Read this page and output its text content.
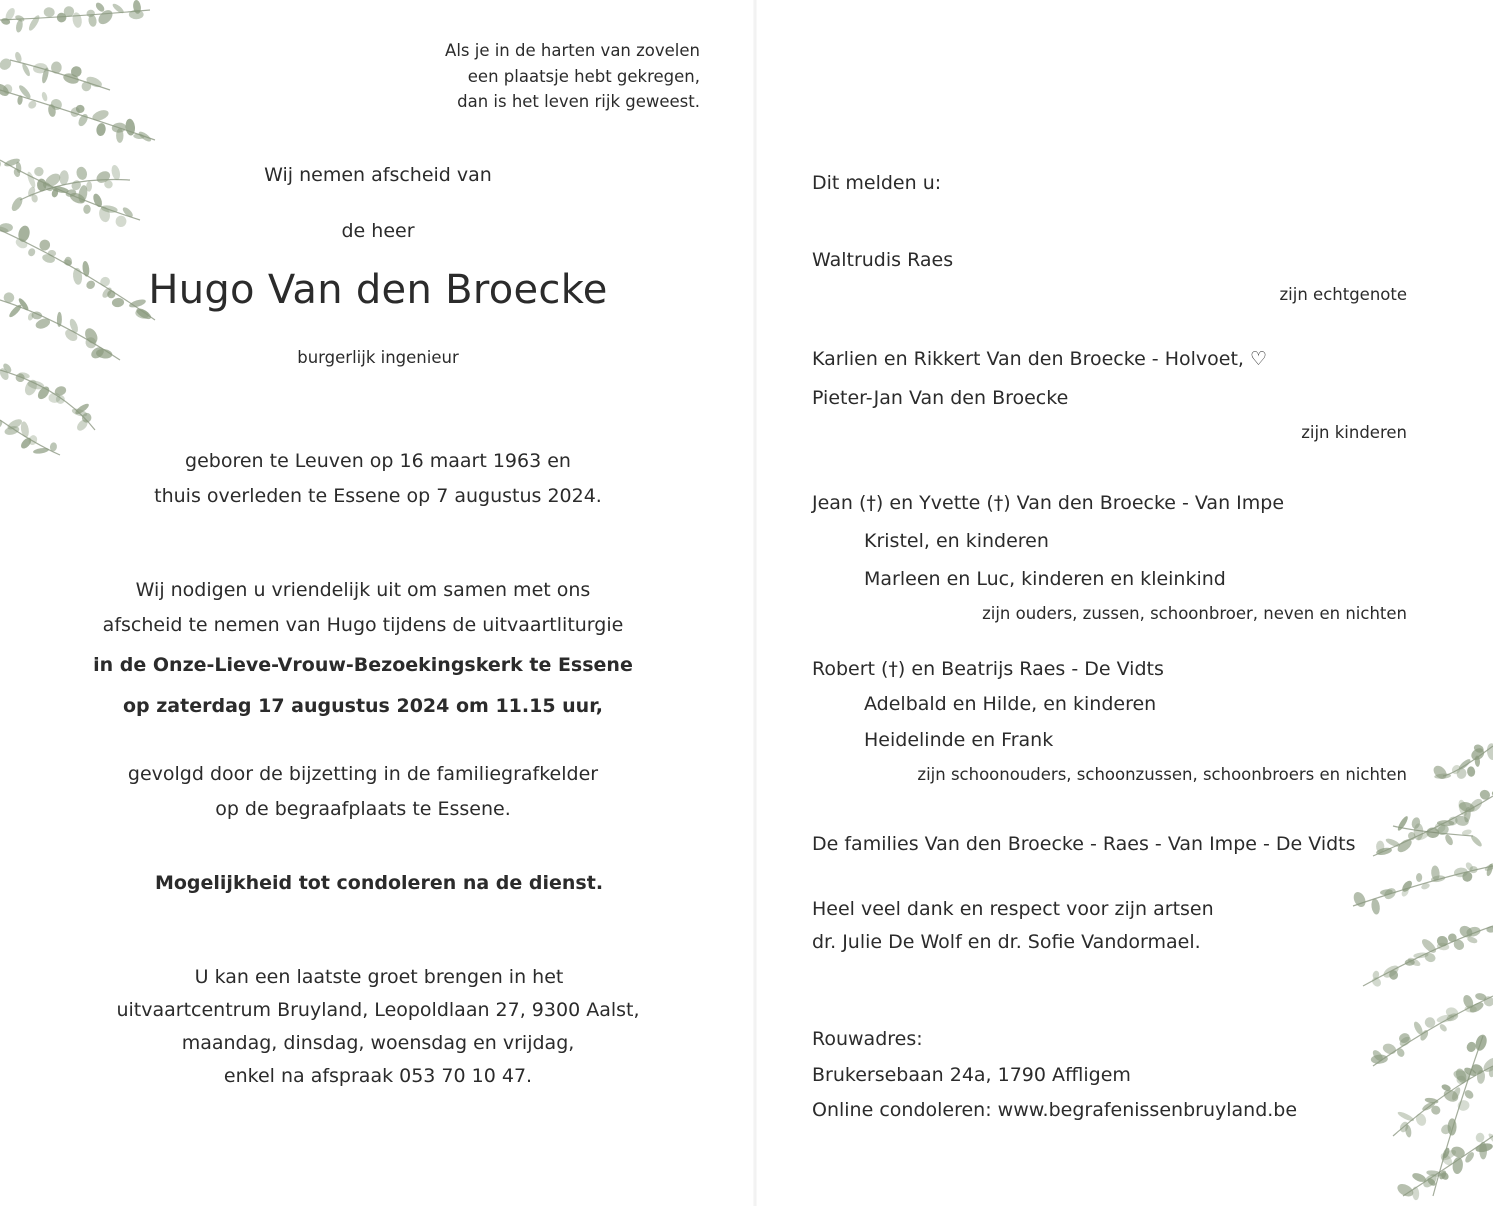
Als je in de harten van zovelen
een plaatsje hebt gekregen,
dan is het leven rijk geweest.
Wij nemen afscheid van
de heer
Hugo Van den Broecke
burgerlijk ingenieur
geboren te Leuven op 16 maart 1963 en
thuis overleden te Essene op 7 augustus 2024.
Wij nodigen u vriendelijk uit om samen met ons
afscheid te nemen van Hugo tijdens de uitvaartliturgie
in de Onze-Lieve-Vrouw-Bezoekingskerk te Essene
op zaterdag 17 augustus 2024 om 11.15 uur,
gevolgd door de bijzetting in de familiegrafkelder
op de begraafplaats te Essene.
Mogelijkheid tot condoleren na de dienst.
U kan een laatste groet brengen in het
uitvaartcentrum Bruyland, Leopoldlaan 27, 9300 Aalst,
maandag, dinsdag, woensdag en vrijdag,
enkel na afspraak 053 70 10 47.
Dit melden u:
Waltrudis Raes
zijn echtgenote
Karlien en Rikkert Van den Broecke - Holvoet, ♡
Pieter-Jan Van den Broecke
zijn kinderen
Jean (†) en Yvette (†) Van den Broecke - Van Impe
Kristel, en kinderen
Marleen en Luc, kinderen en kleinkind
zijn ouders, zussen, schoonbroer, neven en nichten
Robert (†) en Beatrijs Raes - De Vidts
Adelbald en Hilde, en kinderen
Heidelinde en Frank
zijn schoonouders, schoonzussen, schoonbroers en nichten
De families Van den Broecke - Raes - Van Impe - De Vidts
Heel veel dank en respect voor zijn artsen
dr. Julie De Wolf en dr. Sofie Vandormael.
Rouwadres:
Brukersebaan 24a, 1790 Affligem
Online condoleren: www.begrafenissenbruyland.be
